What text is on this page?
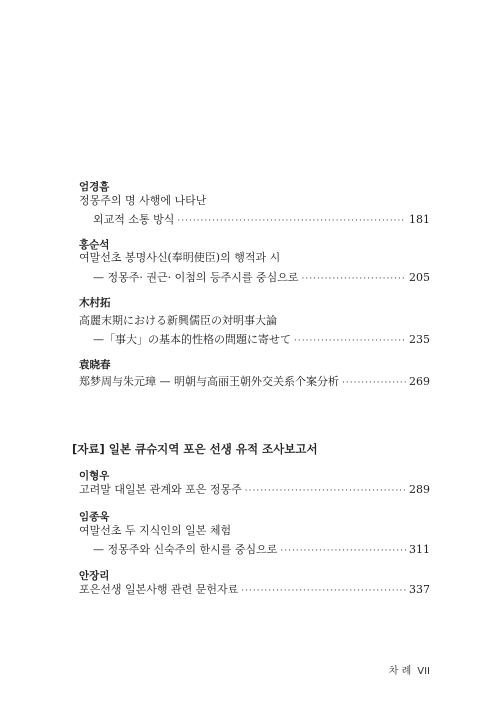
엄경흠
정몽주의 명 사행에 나타난
외교적 소통 방식 ·····	181
홍순석
여말선초 봉명사신(奉明使臣)의 행적과 시
— 정몽주· 권근· 이첨의 등주시를 중심으로 ·····	205
木村拓
高麗末期における新興儒臣の対明事大論
—「事大」の基本的性格の問題に寄せて ·····	235
袁晓春
郑梦周与朱元璋 — 明朝与高丽王朝外交关系个案分析 ·····	269
[자료] 일본 큐슈지역 포은 선생 유적 조사보고서
이형우
고려말 대일본 관계와 포은 정몽주 ·····	289
임종욱
여말선초 두 지식인의 일본 체험
— 정몽주와 신숙주의 한시를 중심으로 ·····	311
안장리
포은선생 일본사행 관련 문헌자료 ·····	337
차 례 VII
